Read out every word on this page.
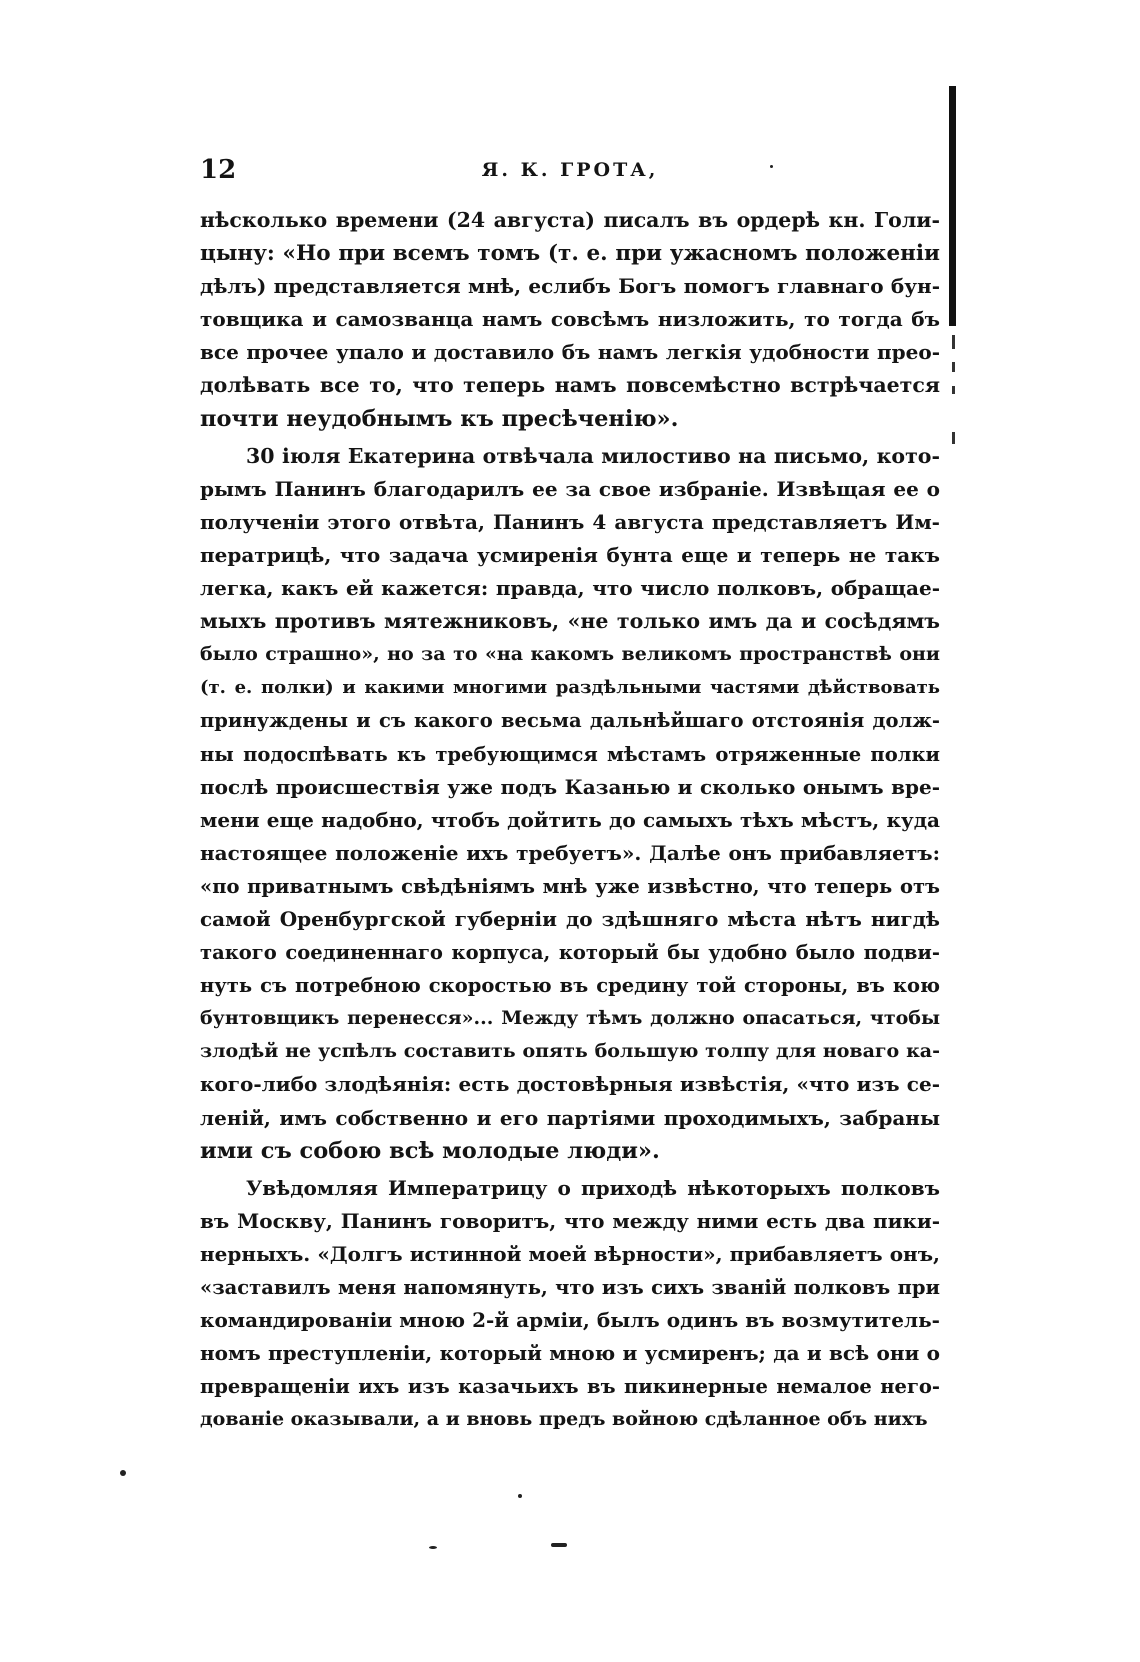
12	Я. К. ГРОТА,
нѣсколько времени (24 августа) писалъ въ ордерѣ кн. Голи-
цыну: «Но при всемъ томъ (т. е. при ужасномъ положеніи
дѣлъ) представляется мнѣ, еслибъ Богъ помогъ главнаго бун-
товщика и самозванца намъ совсѣмъ низложить, то тогда бъ
все прочее упало и доставило бъ намъ легкія удобности прео-
долѣвать все то, что теперь намъ повсемѣстно встрѣчается
почти неудобнымъ къ пресѣченію».
30 іюля Екатерина отвѣчала милостиво на письмо, кото-
рымъ Панинъ благодарилъ ее за свое избраніе. Извѣщая ее о
полученіи этого отвѣта, Панинъ 4 августа представляетъ Им-
ператрицѣ, что задача усмиренія бунта еще и теперь не такъ
легка, какъ ей кажется: правда, что число полковъ, обращае-
мыхъ противъ мятежниковъ, «не только имъ да и сосѣдямъ
было страшно», но за то «на какомъ великомъ пространствѣ они
(т. е. полки) и какими многими раздѣльными частями дѣйствовать
принуждены и съ какого весьма дальнѣйшаго отстоянія долж-
ны подоспѣвать къ требующимся мѣстамъ отряженные полки
послѣ происшествія уже подъ Казанью и сколько онымъ вре-
мени еще надобно, чтобъ дойтить до самыхъ тѣхъ мѣстъ, куда
настоящее положеніе ихъ требуетъ». Далѣе онъ прибавляетъ:
«по приватнымъ свѣдѣніямъ мнѣ уже извѣстно, что теперь отъ
самой Оренбургской губерніи до здѣшняго мѣста нѣтъ нигдѣ
такого соединеннаго корпуса, который бы удобно было подви-
нуть съ потребною скоростью въ средину той стороны, въ кою
бунтовщикъ перенесся»... Между тѣмъ должно опасаться, чтобы
злодѣй не успѣлъ составить опять большую толпу для новаго ка-
кого-либо злодѣянія: есть достовѣрныя извѣстія, «что изъ се-
леній, имъ собственно и его партіями проходимыхъ, забраны
ими съ собою всѣ молодые люди».
Увѣдомляя Императрицу о приходѣ нѣкоторыхъ полковъ
въ Москву, Панинъ говоритъ, что между ними есть два пики-
нерныхъ. «Долгъ истинной моей вѣрности», прибавляетъ онъ,
«заставилъ меня напомянуть, что изъ сихъ званій полковъ при
командированіи мною 2-й арміи, былъ одинъ въ возмутитель-
номъ преступленіи, который мною и усмиренъ; да и всѣ они о
превращеніи ихъ изъ казачьихъ въ пикинерные немалое него-
дованіе оказывали, а и вновь предъ войною сдѣланное объ нихъ
